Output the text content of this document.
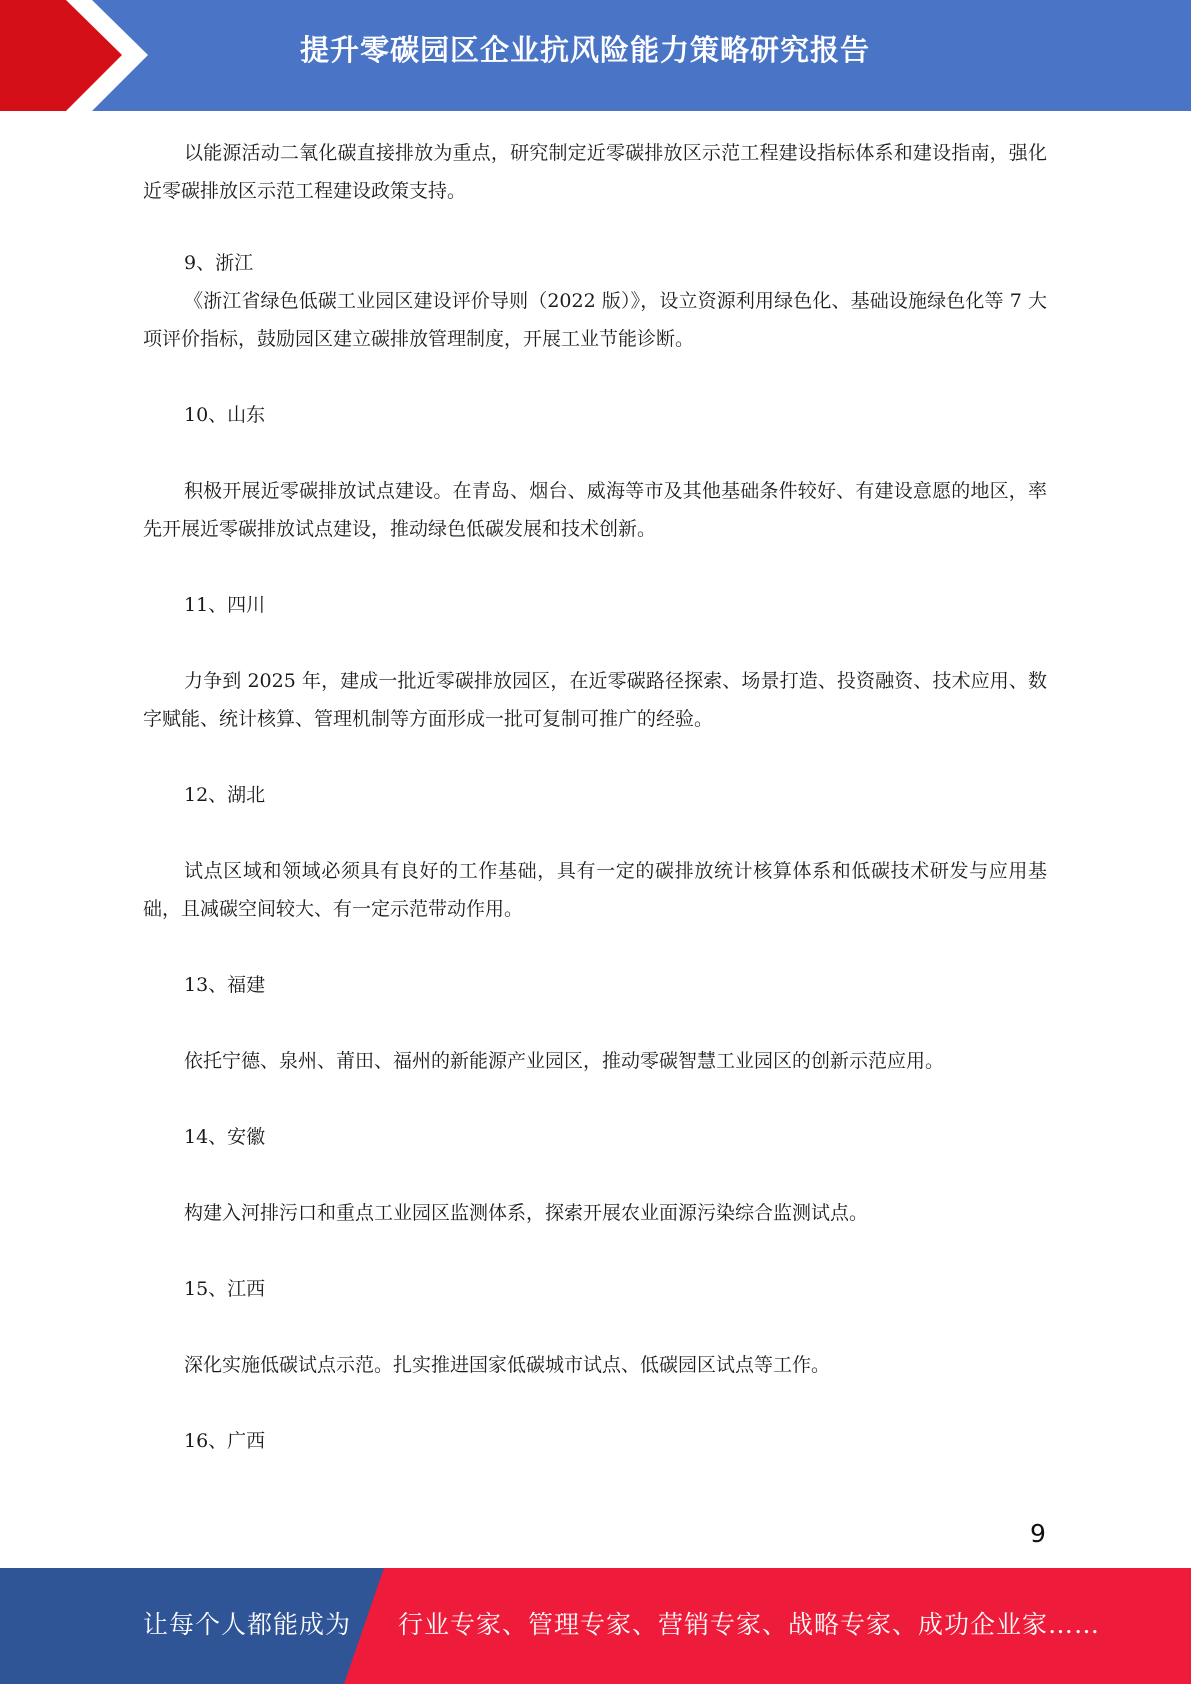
提升零碳园区企业抗风险能力策略研究报告

以能源活动二氧化碳直接排放为重点，研究制定近零碳排放区示范工程建设指标体系和建设指南，强化近零碳排放区示范工程建设政策支持。

9、浙江

《浙江省绿色低碳工业园区建设评价导则（2022 版）》，设立资源利用绿色化、基础设施绿色化等 7 大项评价指标，鼓励园区建立碳排放管理制度，开展工业节能诊断。

10、山东

积极开展近零碳排放试点建设。在青岛、烟台、威海等市及其他基础条件较好、有建设意愿的地区，率先开展近零碳排放试点建设，推动绿色低碳发展和技术创新。

11、四川

力争到 2025 年，建成一批近零碳排放园区，在近零碳路径探索、场景打造、投资融资、技术应用、数字赋能、统计核算、管理机制等方面形成一批可复制可推广的经验。

12、湖北

试点区域和领域必须具有良好的工作基础，具有一定的碳排放统计核算体系和低碳技术研发与应用基础，且减碳空间较大、有一定示范带动作用。

13、福建

依托宁德、泉州、莆田、福州的新能源产业园区，推动零碳智慧工业园区的创新示范应用。

14、安徽

构建入河排污口和重点工业园区监测体系，探索开展农业面源污染综合监测试点。

15、江西

深化实施低碳试点示范。扎实推进国家低碳城市试点、低碳园区试点等工作。

16、广西

9
让每个人都能成为 行业专家、管理专家、营销专家、战略专家、成功企业家……
